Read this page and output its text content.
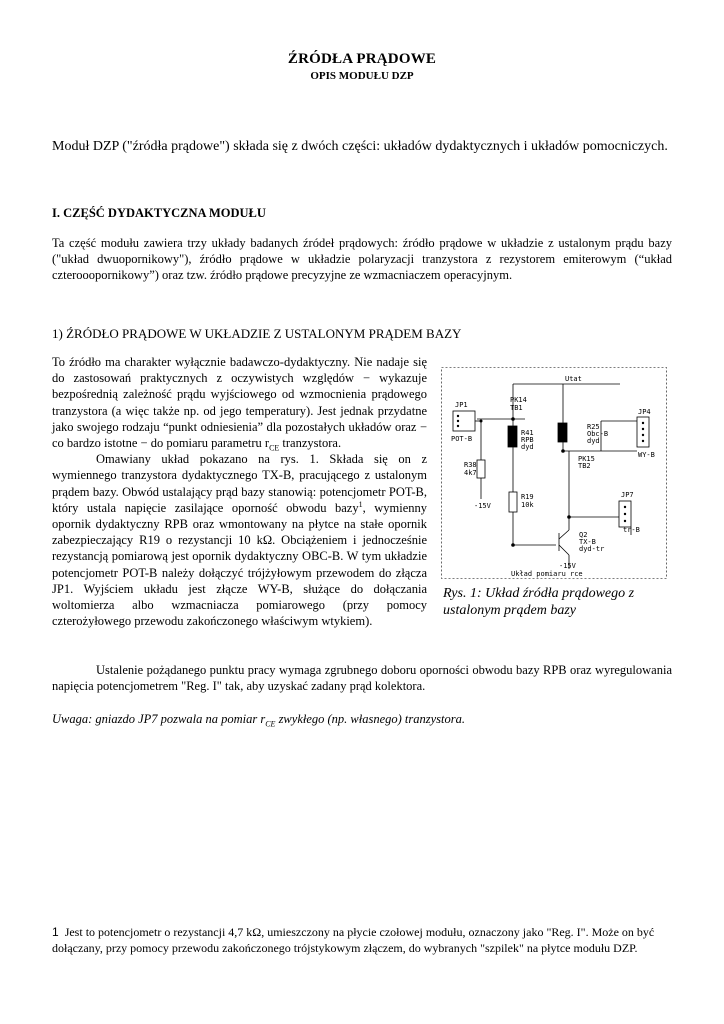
ŹRÓDŁA PRĄDOWE
OPIS MODUŁU DZP
Moduł DZP ("źródła prądowe") składa się z dwóch części: układów dydaktycznych i układów pomocniczych.
I. CZĘŚĆ DYDAKTYCZNA MODUŁU
Ta część modułu zawiera trzy układy badanych źródeł prądowych: źródło prądowe w układzie z ustalonym prądu bazy ("układ dwuopornikowy"), źródło prądowe w układzie polaryzacji tranzystora z rezystorem emiterowym (“układ czterooopornikowy”) oraz tzw. źródło prądowe precyzyjne ze wzmacniaczem operacyjnym.
1) ŹRÓDŁO PRĄDOWE W UKŁADZIE Z USTALONYM PRĄDEM BAZY

To źródło ma charakter wyłącznie badawczo-dydaktyczny. Nie nadaje się do zastosowań praktycznych z oczywistych względów − wykazuje bezpośrednią zależność prądu wyjściowego od wzmocnienia prądowego tranzystora (a więc także np. od jego temperatury). Jest jednak przydatne jako swojego rodzaju “punkt odniesienia” dla pozostałych układów oraz − co bardzo istotne − do pomiaru parametru $r_{CE}$ tranzystora.

Omawiany układ pokazano na rys. 1. Składa się on z wymiennego tranzystora dydaktycznego TX-B, pracującego z ustalonym prądem bazy. Obwód ustalający prąd bazy stanowią: potencjometr POT-B, który ustala napięcie zasilające oporność obwodu bazy$^1$, wymienny opornik dydaktyczny RPB oraz wmontowany na płytce na stałe opornik zabezpieczający R19 o rezystancji 10 kΩ. Obciążeniem i jednocześnie rezystancją pomiarową jest opornik dydaktyczny OBC-B. W tym układzie potencjometr POT-B należy dołączyć trójżyłowym przewodem do złącza JP1. Wyjściem układu jest złącze WY-B, służące do dołączania woltomierza albo wzmacniacza pomiarowego (przy pomocy czterożyłowego przewodu zakończonego właściwym wtykiem).

Ustalenie pożądanego punktu pracy wymaga zgrubnego doboru oporności obwodu bazy RPB oraz wyregulowania napięcia potencjometrem "Reg. I" tak, aby uzyskać zadany prąd kolektora.

Uwaga: gniazdo JP7 pozwala na pomiar $r_{CE}$ zwykłego (np. własnego) tranzystora.
Utat
PK14
TB1
JP1
POT-B
R41
RPB
dyd
R25
Obc-B
dyd
JP4
WY-B
PK15
TB2
R38
4k7
-15V
R19
10k
JP7
Q2
TX-B
dyd-tr
tr-B
-15V
Układ pomiaru rce
Rys. 1: Układ źródła prądowego z ustalonym prądem bazy
1 Jest to potencjometr o rezystancji 4,7 kΩ, umieszczony na płycie czołowej modułu, oznaczony jako "Reg. I". Może on być dołączany, przy pomocy przewodu zakończonego trójstykowym złączem, do wybranych "szpilek" na płytce modułu DZP.
